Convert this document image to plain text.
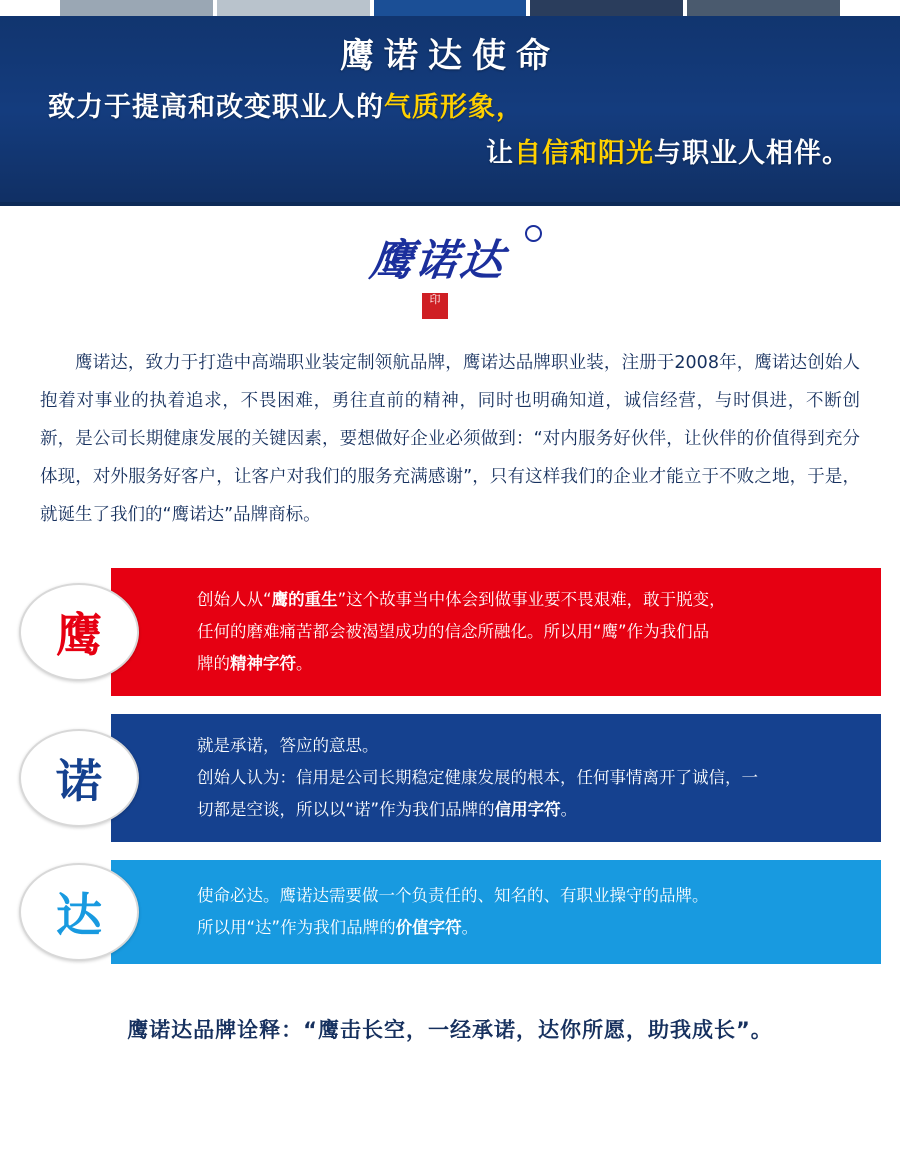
鹰诺达使命
致力于提高和改变职业人的气质形象，
让自信和阳光与职业人相伴。
鹰诺达
印
鹰诺达，致力于打造中高端职业装定制领航品牌，鹰诺达品牌职业装，注册于2008年，鹰诺达创始人抱着对事业的执着追求，不畏困难，勇往直前的精神，同时也明确知道，诚信经营，与时俱进，不断创新，是公司长期健康发展的关键因素，要想做好企业必须做到：“对内服务好伙伴，让伙伴的价值得到充分体现，对外服务好客户，让客户对我们的服务充满感谢”，只有这样我们的企业才能立于不败之地，于是，就诞生了我们的“鹰诺达”品牌商标。
鹰

创始人从“鹰的重生”这个故事当中体会到做事业要不畏艰难，敢于脱变，

任何的磨难痛苦都会被渴望成功的信念所融化。所以用“鹰”作为我们品

牌的精神字符。

诺

就是承诺，答应的意思。

创始人认为：信用是公司长期稳定健康发展的根本，任何事情离开了诚信，一

切都是空谈，所以以“诺”作为我们品牌的信用字符。

达	使命必达。鹰诺达需要做一个负责任的、知名的、有职业操守的品牌。

所以用“达”作为我们品牌的价值字符。

鹰诺达品牌诠释：“鹰击长空，一经承诺，达你所愿，助我成长”。
